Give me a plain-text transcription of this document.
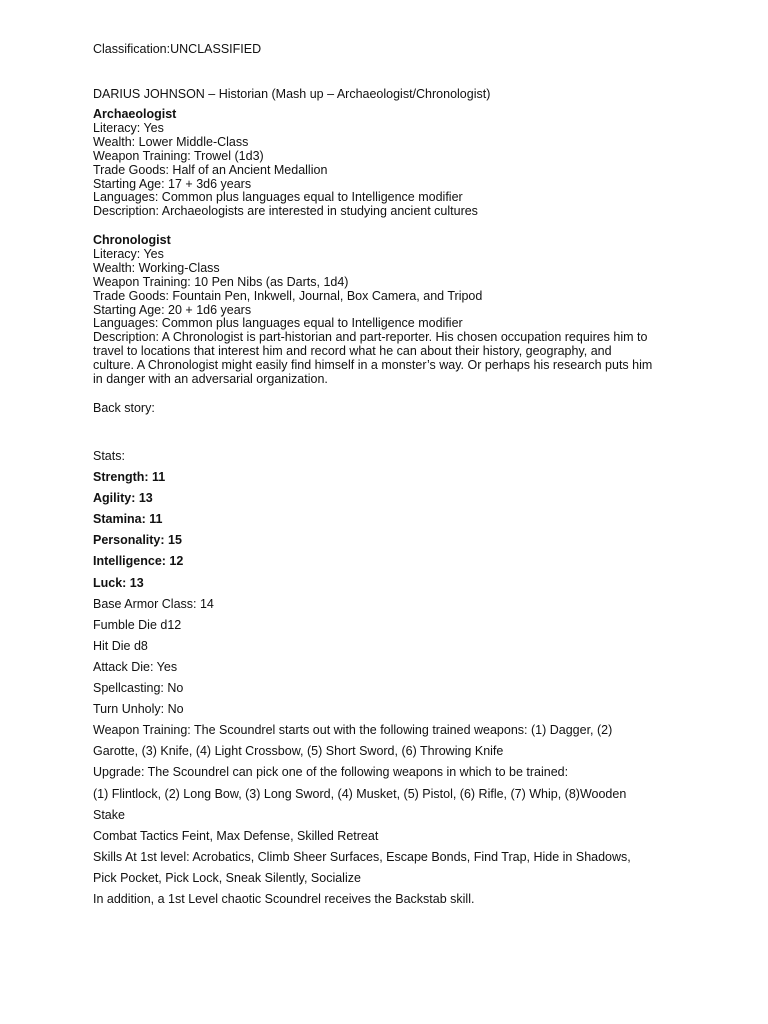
Classification:UNCLASSIFIED
DARIUS JOHNSON – Historian (Mash up – Archaeologist/Chronologist)
Archaeologist
Literacy: Yes
Wealth: Lower Middle-Class
Weapon Training: Trowel (1d3)
Trade Goods: Half of an Ancient Medallion
Starting Age: 17 + 3d6 years
Languages: Common plus languages equal to Intelligence modifier
Description: Archaeologists are interested in studying ancient cultures
Chronologist
Literacy: Yes
Wealth: Working-Class
Weapon Training: 10 Pen Nibs (as Darts, 1d4)
Trade Goods: Fountain Pen, Inkwell, Journal, Box Camera, and Tripod
Starting Age: 20 + 1d6 years
Languages: Common plus languages equal to Intelligence modifier
Description: A Chronologist is part-historian and part-reporter. His chosen occupation requires him to
travel to locations that interest him and record what he can about their history, geography, and
culture. A Chronologist might easily find himself in a monster’s way. Or perhaps his research puts him
in danger with an adversarial organization.
Back story:
Stats:
Strength: 11
Agility: 13
Stamina: 11
Personality: 15
Intelligence: 12
Luck: 13
Base Armor Class: 14
Fumble Die d12
Hit Die d8
Attack Die: Yes
Spellcasting: No
Turn Unholy: No
Weapon Training: The Scoundrel starts out with the following trained weapons: (1) Dagger, (2)
Garotte, (3) Knife, (4) Light Crossbow, (5) Short Sword, (6) Throwing Knife
Upgrade: The Scoundrel can pick one of the following weapons in which to be trained:
(1) Flintlock, (2) Long Bow, (3) Long Sword, (4) Musket, (5) Pistol, (6) Rifle, (7) Whip, (8)Wooden
Stake
Combat Tactics Feint, Max Defense, Skilled Retreat
Skills At 1st level: Acrobatics, Climb Sheer Surfaces, Escape Bonds, Find Trap, Hide in Shadows,
Pick Pocket, Pick Lock, Sneak Silently, Socialize
In addition, a 1st Level chaotic Scoundrel receives the Backstab skill.
